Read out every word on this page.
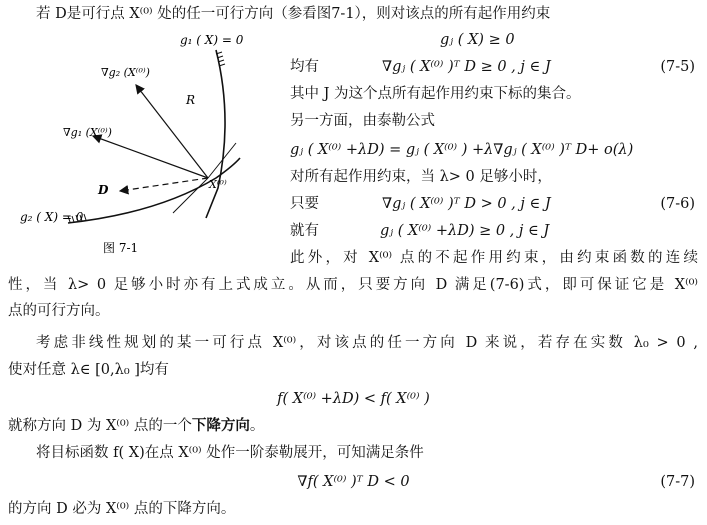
g₁ ( X) = 0
∇g₂ (X⁽⁰⁾)
R
∇g₁ (X⁽⁰⁾)
X⁽⁰⁾
D
g₂ ( X) = 0
图 7-1
若 D是可行点 X⁽⁰⁾ 处的任一可行方向（参看图7-1），则对该点的所有起作用约束
gⱼ ( X) ≥ 0
均有	∇gⱼ ( X⁽⁰⁾ )ᵀ D ≥ 0 , j ∈ J	(7-5)
其中 J 为这个点所有起作用约束下标的集合。
另一方面，由泰勒公式
gⱼ ( X⁽⁰⁾ +λD) = gⱼ ( X⁽⁰⁾ ) +λ∇gⱼ ( X⁽⁰⁾ )ᵀ D+ o(λ)
对所有起作用约束，当 λ> 0 足够小时，
只要	∇gⱼ ( X⁽⁰⁾ )ᵀ D > 0 , j ∈ J	(7-6)
就有	gⱼ ( X⁽⁰⁾ +λD) ≥ 0 , j ∈ J
此外，对 X⁽⁰⁾ 点的不起作用约束，由约束函数的连续
性，当 λ> 0 足够小时亦有上式成立。从而，只要方向 D 满足(7-6)式，即可保证它是 X⁽⁰⁾
点的可行方向。
考虑非线性规划的某一可行点 X⁽⁰⁾，对该点的任一方向 D 来说，若存在实数 λ₀ > 0 ,
使对任意 λ∈ [0,λ₀ ]均有
f( X⁽⁰⁾ +λD) < f( X⁽⁰⁾ )
就称方向 D 为 X⁽⁰⁾ 点的一个下降方向。
将目标函数 f( X)在点 X⁽⁰⁾ 处作一阶泰勒展开，可知满足条件
∇f( X⁽⁰⁾ )ᵀ D < 0	(7-7)
的方向 D 必为 X⁽⁰⁾ 点的下降方向。
